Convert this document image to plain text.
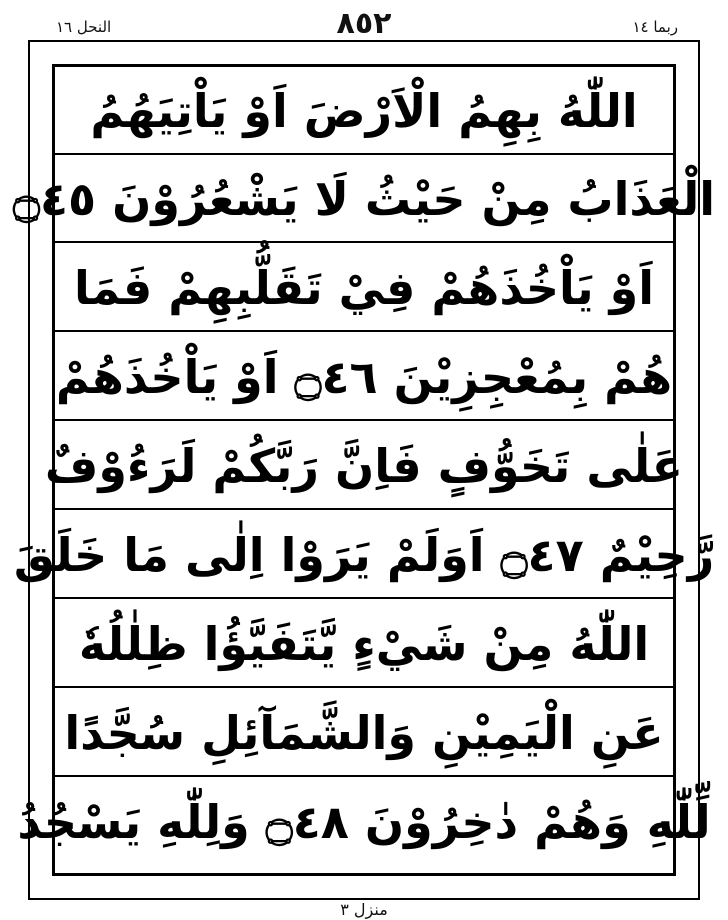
النحل ١٦	٨٥٢	ربما ١٤
اللّٰهُ بِهِمُ الْاَرْضَ اَوْ يَاْتِيَهُمُ
الْعَذَابُ مِنْ حَيْثُ لَا يَشْعُرُوْنَ ۝٤٥
اَوْ يَاْخُذَهُمْ فِيْ تَقَلُّبِهِمْ فَمَا
هُمْ بِمُعْجِزِيْنَ ۝٤٦ اَوْ يَاْخُذَهُمْ
عَلٰى تَخَوُّفٍ فَاِنَّ رَبَّكُمْ لَرَءُوْفٌ
رَّحِيْمٌ ۝٤٧ اَوَلَمْ يَرَوْا اِلٰى مَا خَلَقَ
اللّٰهُ مِنْ شَيْءٍ يَّتَفَيَّؤُا ظِلٰلُهٗ
عَنِ الْيَمِيْنِ وَالشَّمَآئِلِ سُجَّدًا
لِّلّٰهِ وَهُمْ دٰخِرُوْنَ ۝٤٨ وَلِلّٰهِ يَسْجُدُ
منزل ٣
